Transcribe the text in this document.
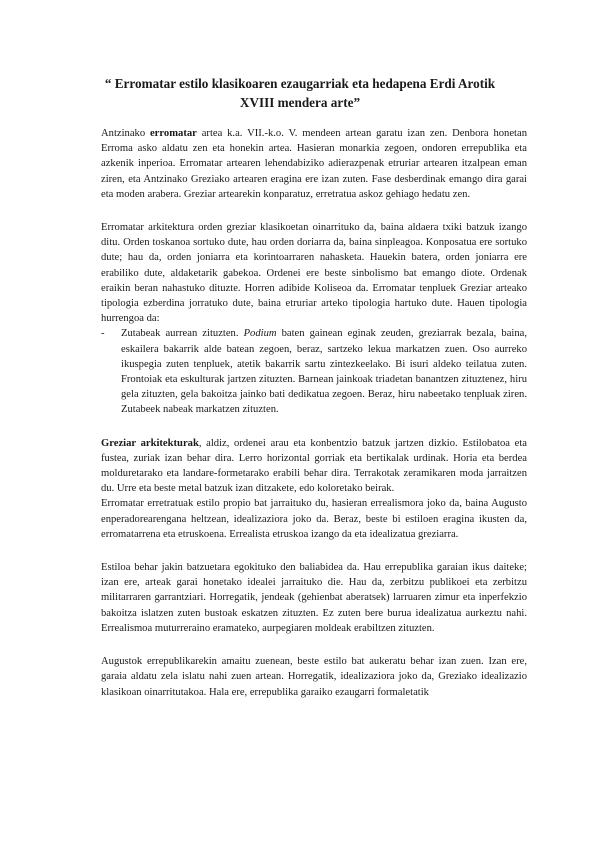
“ Erromatar estilo klasikoaren ezaugarriak eta hedapena Erdi Arotik XVIII mendera arte”

Antzinako erromatar artea k.a. VII.-k.o. V. mendeen artean garatu izan zen. Denbora honetan Erroma asko aldatu zen eta honekin artea. Hasieran monarkia zegoen, ondoren errepublika eta azkenik inperioa. Erromatar artearen lehendabiziko adierazpenak etruriar artearen itzalpean eman ziren, eta Antzinako Greziako artearen eragina ere izan zuten. Fase desberdinak emango dira garai eta moden arabera. Greziar artearekin konparatuz, erretratua askoz gehiago hedatu zen.

Erromatar arkitektura orden greziar klasikoetan oinarrituko da, baina aldaera txiki batzuk izango ditu. Orden toskanoa sortuko dute, hau orden doriarra da, baina sinpleagoa. Konposatua ere sortuko dute; hau da, orden joniarra eta korintoarraren nahasketa. Hauekin batera, orden joniarra ere erabiliko dute, aldaketarik gabekoa. Ordenei ere beste sinbolismo bat emango diote. Ordenak eraikin beran nahastuko dituzte. Horren adibide Koliseoa da. Erromatar tenpluek Greziar arteako tipologia ezberdina jorratuko dute, baina etruriar arteko tipologia hartuko dute. Hauen tipologia hurrengoa da:

- Zutabeak aurrean zituzten. Podium baten gainean eginak zeuden, greziarrak bezala, baina, eskailera bakarrik alde batean zegoen, beraz, sartzeko lekua markatzen zuen. Oso aurreko ikuspegia zuten tenpluek, atetik bakarrik sartu zintezkeelako. Bi isuri aldeko teilatua zuten. Frontoiak eta eskulturak jartzen zituzten. Barnean jainkoak triadetan banantzen zituztenez, hiru gela zituzten, gela bakoitza jainko bati dedikatua zegoen. Beraz, hiru nabeetako tenpluak ziren. Zutabeek nabeak markatzen zituzten.

Greziar arkitekturak, aldiz, ordenei arau eta konbentzio batzuk jartzen dizkio. Estilobatoa eta fustea, zuriak izan behar dira. Lerro horizontal gorriak eta bertikalak urdinak. Horia eta berdea molduretarako eta landare-formetarako erabili behar dira. Terrakotak zeramikaren moda jarraitzen du. Urre eta beste metal batzuk izan ditzakete, edo koloretako beirak.

Erromatar erretratuak estilo propio bat jarraituko du, hasieran errealismora joko da, baina Augusto enperadorearengana heltzean, idealizaziora joko da. Beraz, beste bi estiloen eragina ikusten da, erromatarrena eta etruskoena. Errealista etruskoa izango da eta idealizatua greziarra.

Estiloa behar jakin batzuetara egokituko den baliabidea da. Hau errepublika garaian ikus daiteke; izan ere, arteak garai honetako idealei jarraituko die. Hau da, zerbitzu publikoei eta zerbitzu militarraren garrantziari. Horregatik, jendeak (gehienbat aberatsek) larruaren zimur eta inperfekzio bakoitza islatzen zuten bustoak eskatzen zituzten. Ez zuten bere burua idealizatua aurkeztu nahi. Errealismoa muturreraino eramateko, aurpegiaren moldeak erabiltzen zituzten.

Augustok errepublikarekin amaitu zuenean, beste estilo bat aukeratu behar izan zuen. Izan ere, garaia aldatu zela islatu nahi zuen artean. Horregatik, idealizaziora joko da, Greziako idealizazio klasikoan oinarritutakoa. Hala ere, errepublika garaiko ezaugarri formaletatik
